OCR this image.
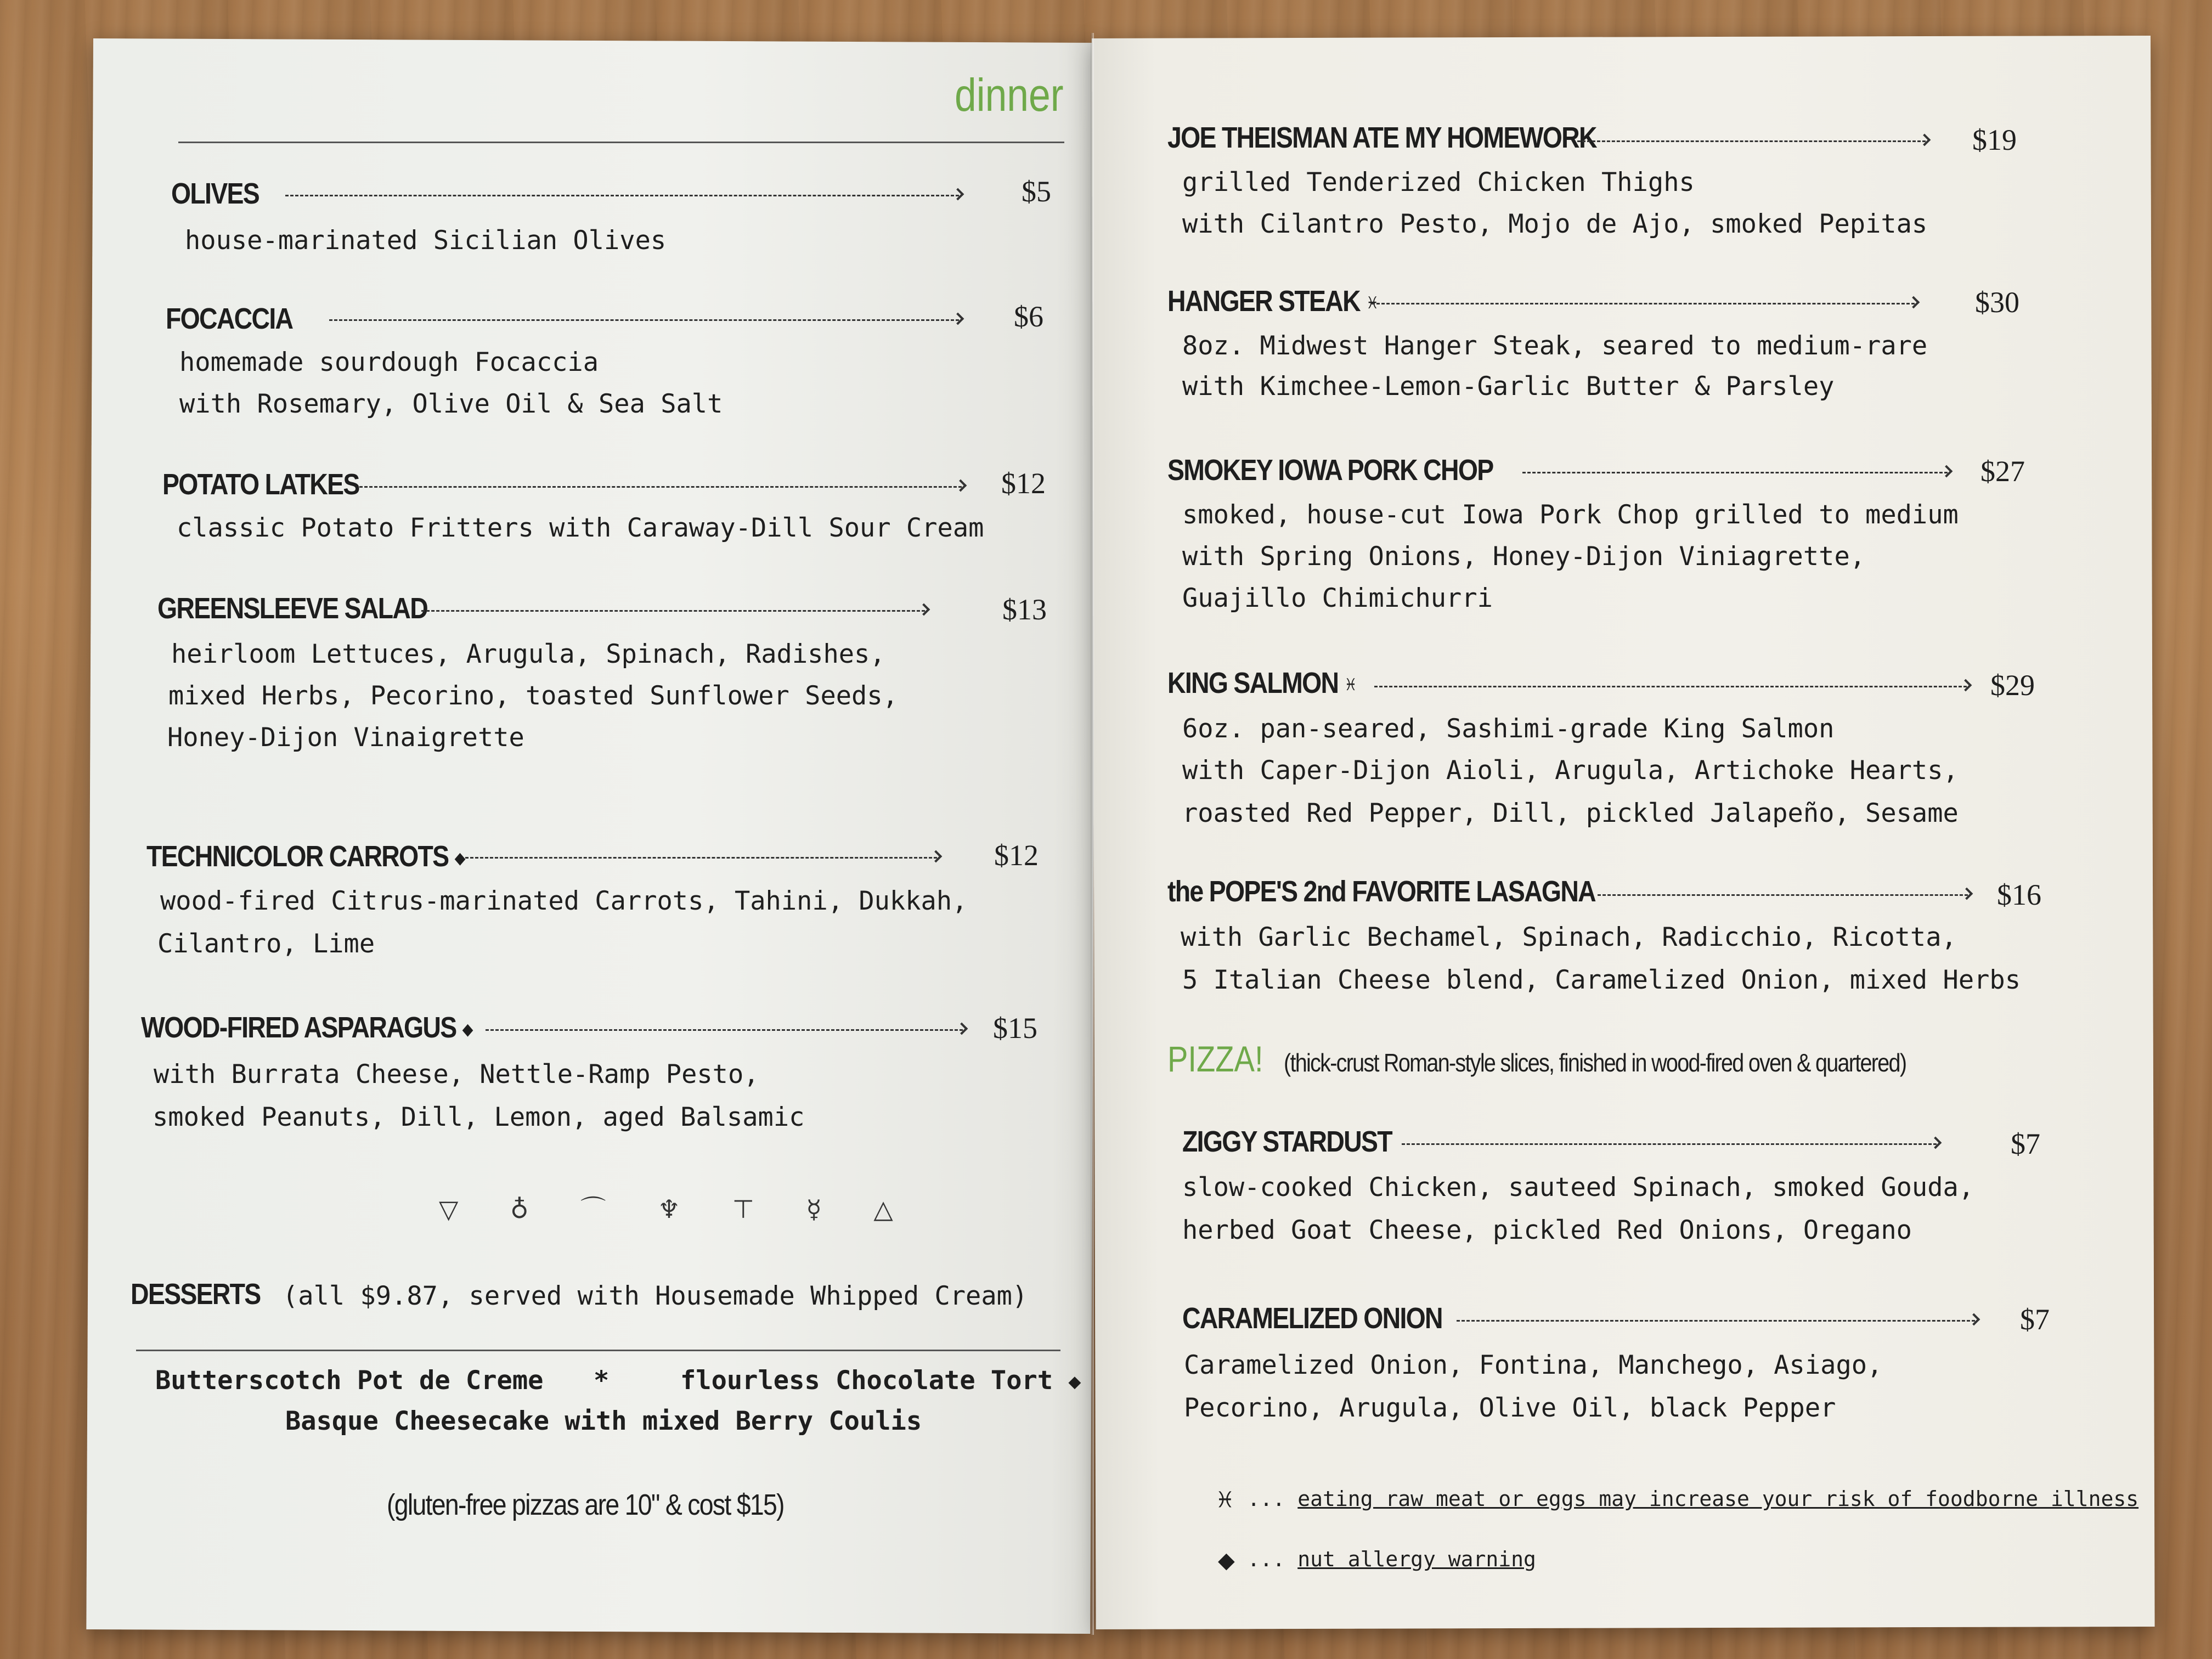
dinner
OLIVES	$5
house-marinated Sicilian Olives
FOCACCIA	$6
homemade sourdough Focaccia
with Rosemary, Olive Oil & Sea Salt
POTATO LATKES	$12
classic Potato Fritters with Caraway-Dill Sour Cream
GREENSLEEVE SALAD	$13
heirloom Lettuces, Arugula, Spinach, Radishes,
mixed Herbs, Pecorino, toasted Sunflower Seeds,
Honey-Dijon Vinaigrette
TECHNICOLOR CARROTS ◆	$12
wood-fired Citrus-marinated Carrots, Tahini, Dukkah,
Cilantro, Lime
WOOD-FIRED ASPARAGUS ◆	$15
with Burrata Cheese, Nettle-Ramp Pesto,
smoked Peanuts, Dill, Lemon, aged Balsamic
▽ ♁ ⌒ ♆ ⊤ ☿ △
DESSERTS (all $9.87, served with Housemade Whipped Cream)
Butterscotch Pot de Creme *	flourless Chocolate Tort ◆
Basque Cheesecake with mixed Berry Coulis
(gluten-free pizzas are 10" & cost $15)
JOE THEISMAN ATE MY HOMEWORK	$19
grilled Tenderized Chicken Thighs
with Cilantro Pesto, Mojo de Ajo, smoked Pepitas
HANGER STEAK ♓	$30
8oz. Midwest Hanger Steak, seared to medium-rare
with Kimchee-Lemon-Garlic Butter & Parsley
SMOKEY IOWA PORK CHOP	$27
smoked, house-cut Iowa Pork Chop grilled to medium
with Spring Onions, Honey-Dijon Viniagrette,
Guajillo Chimichurri
KING SALMON ♓	$29
6oz. pan-seared, Sashimi-grade King Salmon
with Caper-Dijon Aioli, Arugula, Artichoke Hearts,
roasted Red Pepper, Dill, pickled Jalapeño, Sesame
the POPE'S 2nd FAVORITE LASAGNA	$16
with Garlic Bechamel, Spinach, Radicchio, Ricotta,
5 Italian Cheese blend, Caramelized Onion, mixed Herbs
PIZZA! (thick-crust Roman-style slices, finished in wood-fired oven & quartered)
ZIGGY STARDUST	$7
slow-cooked Chicken, sauteed Spinach, smoked Gouda,
herbed Goat Cheese, pickled Red Onions, Oregano
CARAMELIZED ONION	$7
Caramelized Onion, Fontina, Manchego, Asiago,
Pecorino, Arugula, Olive Oil, black Pepper
♓ ... eating raw meat or eggs may increase your risk of foodborne illness
◆ ... nut allergy warning
